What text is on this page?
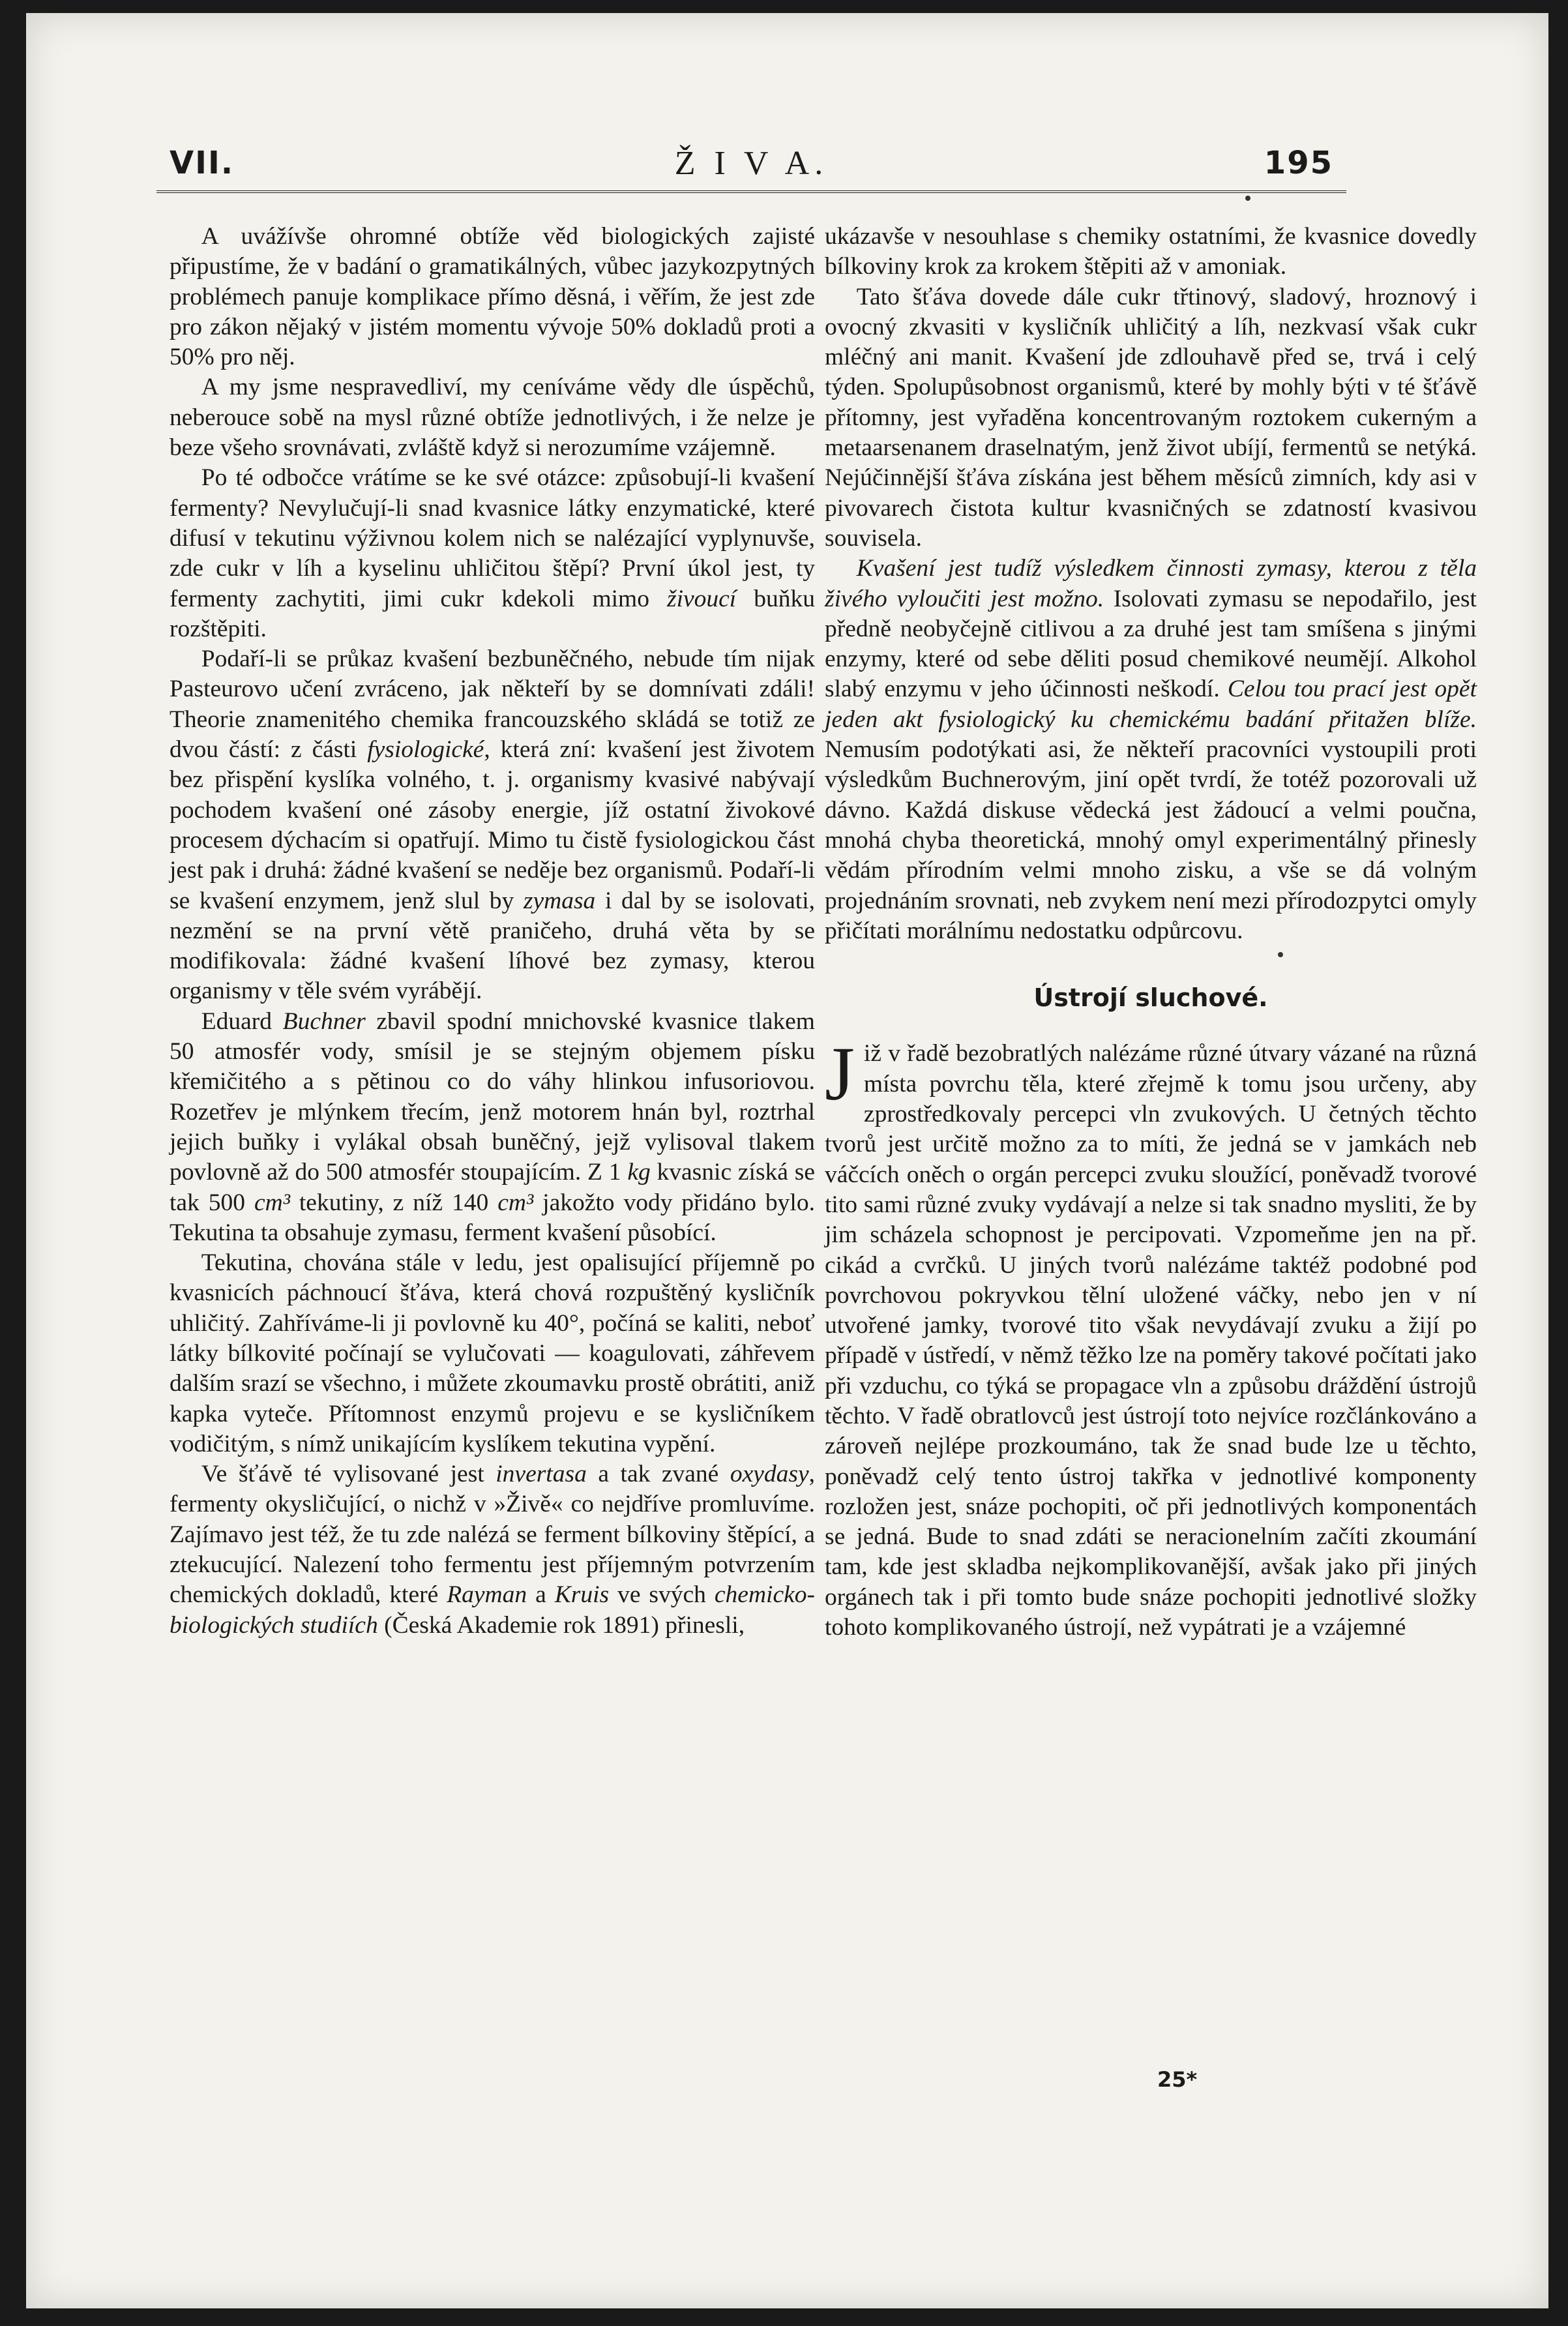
VII.	Ž I V A.	195

A uvážívše ohromné obtíže věd biologických zajisté připustíme, že v badání o gramatikálných, vůbec jazykozpytných problémech panuje komplikace přímo děsná, i věřím, že jest zde pro zákon nějaký v jistém momentu vývoje 50% dokladů proti a 50% pro něj.

A my jsme nespravedliví, my ceníváme vědy dle úspěchů, neberouce sobě na mysl různé obtíže jednotlivých, i že nelze je beze všeho srovnávati, zvláště když si nerozumíme vzájemně.

Po té odbočce vrátíme se ke své otázce: způsobují-li kvašení fermenty? Nevylučují-li snad kvasnice látky enzymatické, které difusí v tekutinu výživnou kolem nich se nalézající vyplynuvše, zde cukr v líh a kyselinu uhličitou štěpí? První úkol jest, ty fermenty zachytiti, jimi cukr kdekoli mimo živoucí buňku rozštěpiti.

Podaří-li se průkaz kvašení bezbuněčného, nebude tím nijak Pasteurovo učení zvráceno, jak někteří by se domnívati zdáli! Theorie znamenitého chemika francouzského skládá se totiž ze dvou částí: z části fysiologické, která zní: kvašení jest životem bez přispění kyslíka volného, t. j. organismy kvasivé nabývají pochodem kvašení oné zásoby energie, jíž ostatní živokové procesem dýchacím si opatřují. Mimo tu čistě fysiologickou část jest pak i druhá: žádné kvašení se neděje bez organismů. Podaří-li se kvašení enzymem, jenž slul by zymasa i dal by se isolovati, nezmění se na první větě praničeho, druhá věta by se modifikovala: žádné kvašení líhové bez zymasy, kterou organismy v těle svém vyrábějí.

Eduard Buchner zbavil spodní mnichovské kvasnice tlakem 50 atmosfér vody, smísil je se stejným objemem písku křemičitého a s pětinou co do váhy hlinkou infusoriovou. Rozetřev je mlýnkem třecím, jenž motorem hnán byl, roztrhal jejich buňky i vylákal obsah buněčný, jejž vylisoval tlakem povlovně až do 500 atmosfér stoupajícím. Z 1 kg kvasnic získá se tak 500 cm³ tekutiny, z níž 140 cm³ jakožto vody přidáno bylo. Tekutina ta obsahuje zymasu, ferment kvašení působící.

Tekutina, chována stále v ledu, jest opalisující příjemně po kvasnicích páchnoucí šťáva, která chová rozpuštěný kysličník uhličitý. Zahříváme-li ji povlovně ku 40°, počíná se kaliti, neboť látky bílkovité počínají se vylučovati — koagulovati, záhřevem dalším srazí se všechno, i můžete zkoumavku prostě obrátiti, aniž kapka vyteče. Přítomnost enzymů projevu e se kysličníkem vodičitým, s nímž unikajícím kyslíkem tekutina vypění.

Ve šťávě té vylisované jest invertasa a tak zvané oxydasy, fermenty okysličující, o nichž v »Živě« co nejdříve promluvíme. Zajímavo jest též, že tu zde nalézá se ferment bílkoviny štěpící, a ztekucující. Nalezení toho fermentu jest příjemným potvrzením chemických dokladů, které Rayman a Kruis ve svých chemicko-biologických studiích (Česká Akademie rok 1891) přinesli,

ukázavše v nesouhlase s chemiky ostatními, že kvasnice dovedly bílkoviny krok za krokem štěpiti až v amoniak.

Tato šťáva dovede dále cukr třtinový, sladový, hroznový i ovocný zkvasiti v kysličník uhličitý a líh, nezkvasí však cukr mléčný ani manit. Kvašení jde zdlouhavě před se, trvá i celý týden. Spolupůsobnost organismů, které by mohly býti v té šťávě přítomny, jest vyřaděna koncentrovaným roztokem cukerným a metaarsenanem draselnatým, jenž život ubíjí, fermentů se netýká. Nejúčinnější šťáva získána jest během měsíců zimních, kdy asi v pivovarech čistota kultur kvasničných se zdatností kvasivou souvisela.

Kvašení jest tudíž výsledkem činnosti zymasy, kterou z těla živého vyloučiti jest možno. Isolovati zymasu se nepodařilo, jest předně neobyčejně citlivou a za druhé jest tam smíšena s jinými enzymy, které od sebe děliti posud chemikové neumějí. Alkohol slabý enzymu v jeho účinnosti neškodí. Celou tou prací jest opět jeden akt fysiologický ku chemickému badání přitažen blíže. Nemusím podotýkati asi, že někteří pracovníci vystoupili proti výsledkům Buchnerovým, jiní opět tvrdí, že totéž pozorovali už dávno. Každá diskuse vědecká jest žádoucí a velmi poučna, mnohá chyba theoretická, mnohý omyl experimentálný přinesly vědám přírodním velmi mnoho zisku, a vše se dá volným projednáním srovnati, neb zvykem není mezi přírodozpytci omyly přičítati morálnímu nedostatku odpůrcovu.

Ústrojí sluchové.

Již v řadě bezobratlých nalézáme různé útvary vázané na různá místa povrchu těla, které zřejmě k tomu jsou určeny, aby zprostředkovaly percepci vln zvukových. U četných těchto tvorů jest určitě možno za to míti, že jedná se v jamkách neb váčcích oněch o orgán percepci zvuku sloužící, poněvadž tvorové tito sami různé zvuky vydávají a nelze si tak snadno mysliti, že by jim scházela schopnost je percipovati. Vzpomeňme jen na př. cikád a cvrčků. U jiných tvorů nalézáme taktéž podobné pod povrchovou pokryvkou tělní uložené váčky, nebo jen v ní utvořené jamky, tvorové tito však nevydávají zvuku a žijí po případě v ústředí, v němž těžko lze na poměry takové počítati jako při vzduchu, co týká se propagace vln a způsobu dráždění ústrojů těchto. V řadě obratlovců jest ústrojí toto nejvíce rozčlánkováno a zároveň nejlépe prozkoumáno, tak že snad bude lze u těchto, poněvadž celý tento ústroj takřka v jednotlivé komponenty rozložen jest, snáze pochopiti, oč při jednotlivých komponentách se jedná. Bude to snad zdáti se neracionelním začíti zkoumání tam, kde jest skladba nejkomplikovanější, avšak jako při jiných orgánech tak i při tomto bude snáze pochopiti jednotlivé složky tohoto komplikovaného ústrojí, než vypátrati je a vzájemné

25*
